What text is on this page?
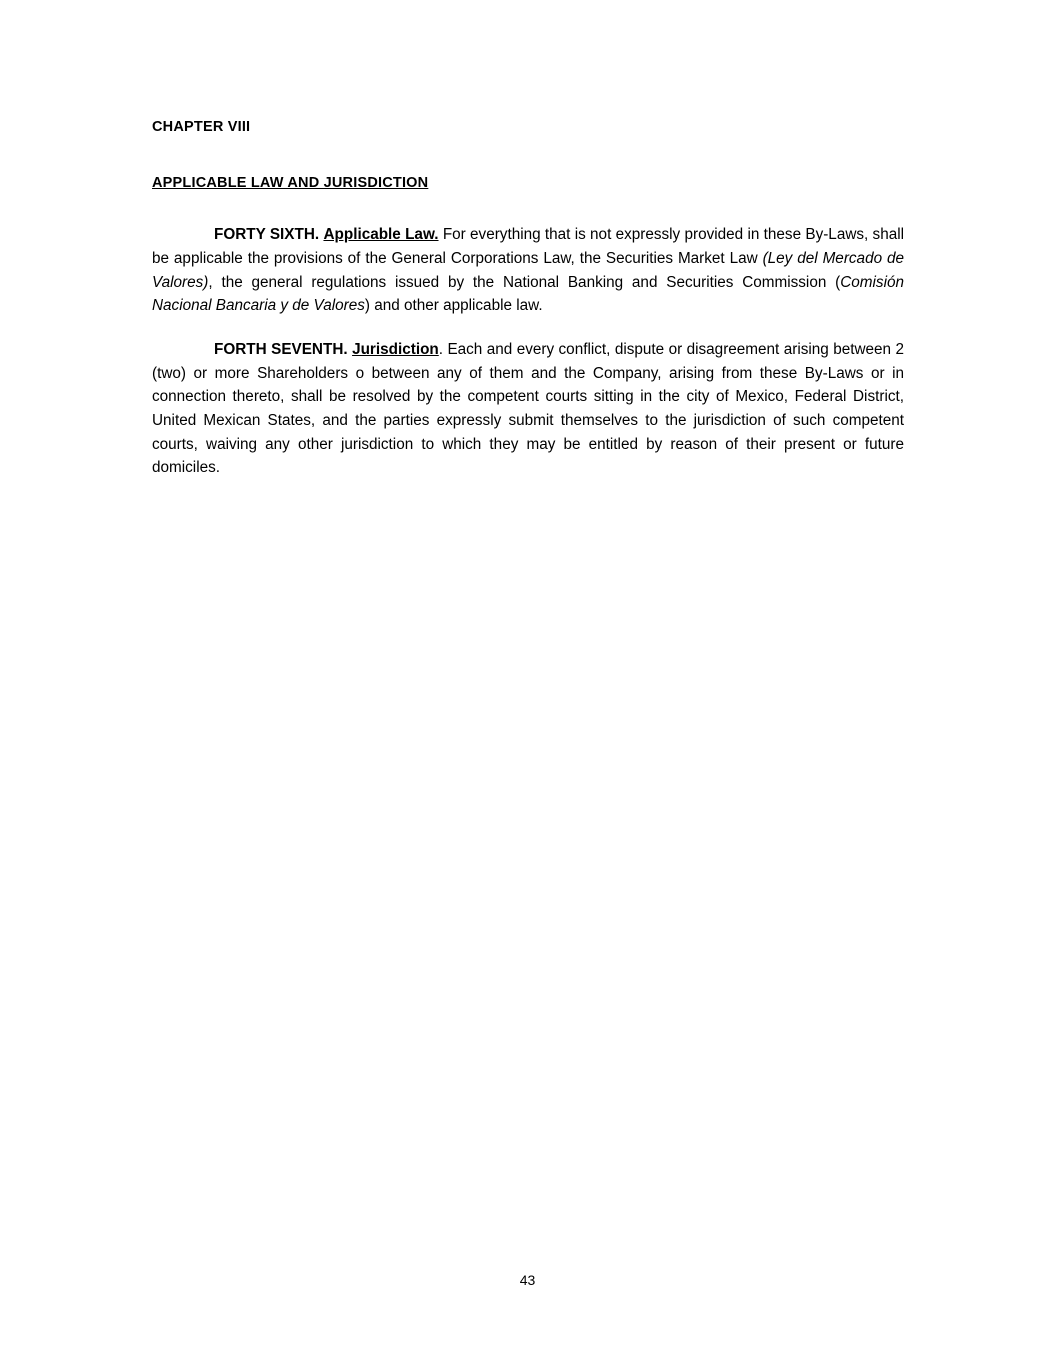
CHAPTER VIII
APPLICABLE LAW AND JURISDICTION

FORTY SIXTH. Applicable Law. For everything that is not expressly provided in these By-Laws, shall be applicable the provisions of the General Corporations Law, the Securities Market Law (Ley del Mercado de Valores), the general regulations issued by the National Banking and Securities Commission (Comisión Nacional Bancaria y de Valores) and other applicable law.

FORTH SEVENTH. Jurisdiction. Each and every conflict, dispute or disagreement arising between 2 (two) or more Shareholders o between any of them and the Company, arising from these By-Laws or in connection thereto, shall be resolved by the competent courts sitting in the city of Mexico, Federal District, United Mexican States, and the parties expressly submit themselves to the jurisdiction of such competent courts, waiving any other jurisdiction to which they may be entitled by reason of their present or future domiciles.

43
